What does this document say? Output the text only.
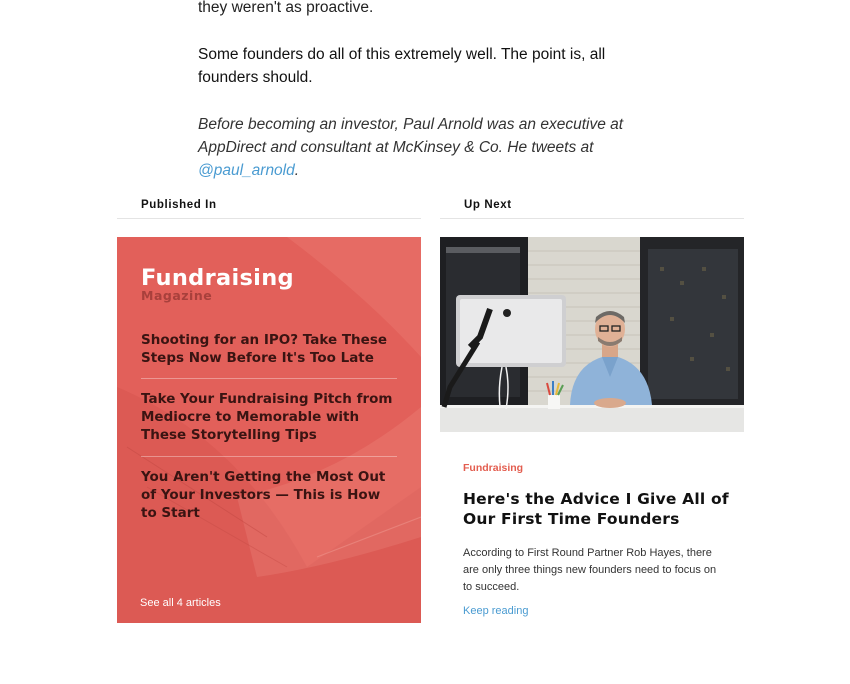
they weren't as proactive.

Some founders do all of this extremely well. The point is, all founders should.

Before becoming an investor, Paul Arnold was an executive at AppDirect and consultant at McKinsey & Co. He tweets at @paul_arnold.

Published In	Up Next
Fundraising
Magazine
Shooting for an IPO? Take These Steps Now Before It's Too Late
Take Your Fundraising Pitch from Mediocre to Memorable with These Storytelling Tips
You Aren't Getting the Most Out of Your Investors — This is How to Start
See all 4 articles
Fundraising
Here's the Advice I Give All of Our First Time Founders
According to First Round Partner Rob Hayes, there are only three things new founders need to focus on to succeed.
Keep reading
